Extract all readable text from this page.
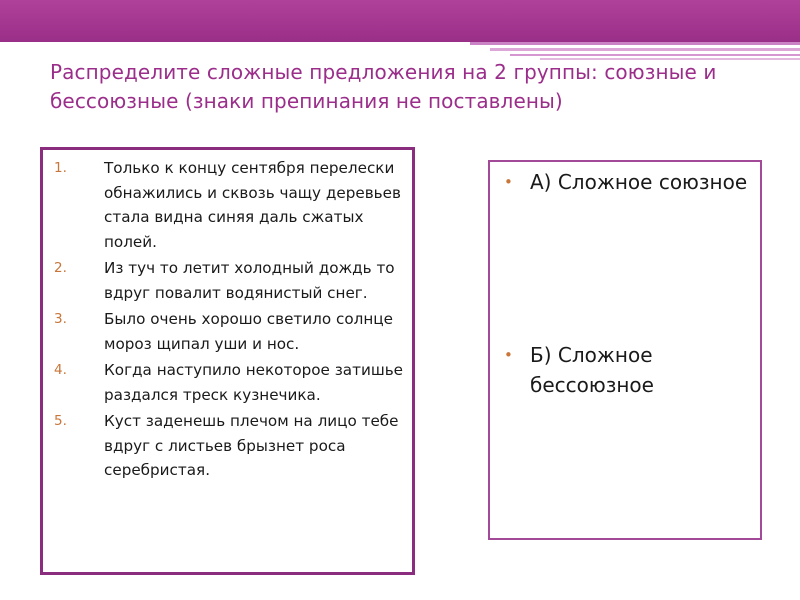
Распределите сложные предложения на 2 группы: союзные и бессоюзные (знаки препинания не поставлены)
1. Только к концу сентября перелески обнажились и сквозь чащу деревьев стала видна синяя даль сжатых полей.
2. Из туч то летит холодный дождь то вдруг повалит водянистый снег.
3. Было очень хорошо светило солнце мороз щипал уши и нос.
4. Когда наступило некоторое затишье раздался треск кузнечика.
5. Куст заденешь плечом на лицо тебе вдруг с листьев брызнет роса серебристая.
• А) Сложное союзное
• Б) Сложное бессоюзное
